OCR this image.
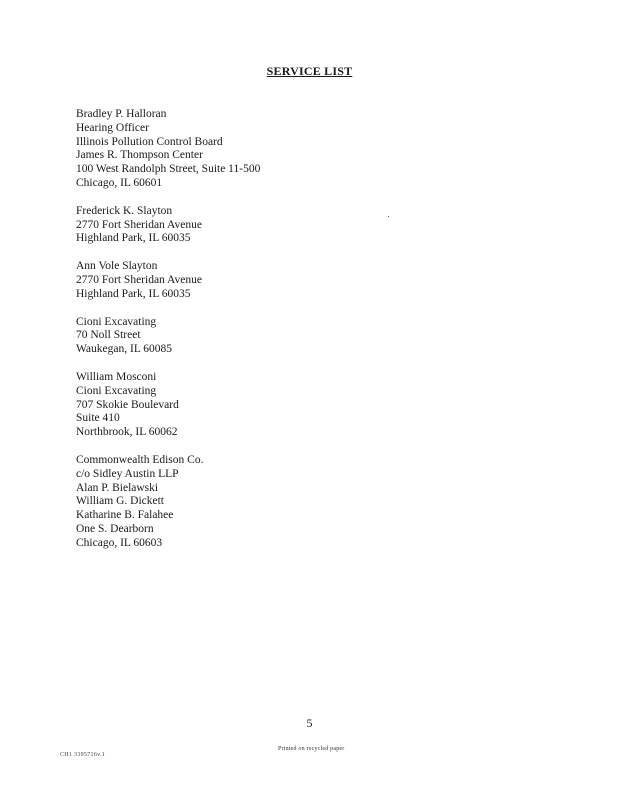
SERVICE LIST
Bradley P. Halloran
Hearing Officer
Illinois Pollution Control Board
James R. Thompson Center
100 West Randolph Street, Suite 11-500
Chicago, IL 60601
Frederick K. Slayton
2770 Fort Sheridan Avenue
Highland Park, IL 60035
Ann Vole Slayton
2770 Fort Sheridan Avenue
Highland Park, IL 60035
Cioni Excavating
70 Noll Street
Waukegan, IL 60085
William Mosconi
Cioni Excavating
707 Skokie Boulevard
Suite 410
Northbrook, IL 60062
Commonwealth Edison Co.
c/o Sidley Austin LLP
Alan P. Bielawski
William G. Dickett
Katharine B. Falahee
One S. Dearborn
Chicago, IL 60603
5
CH1 3395716v.1
Printed on recycled paper
